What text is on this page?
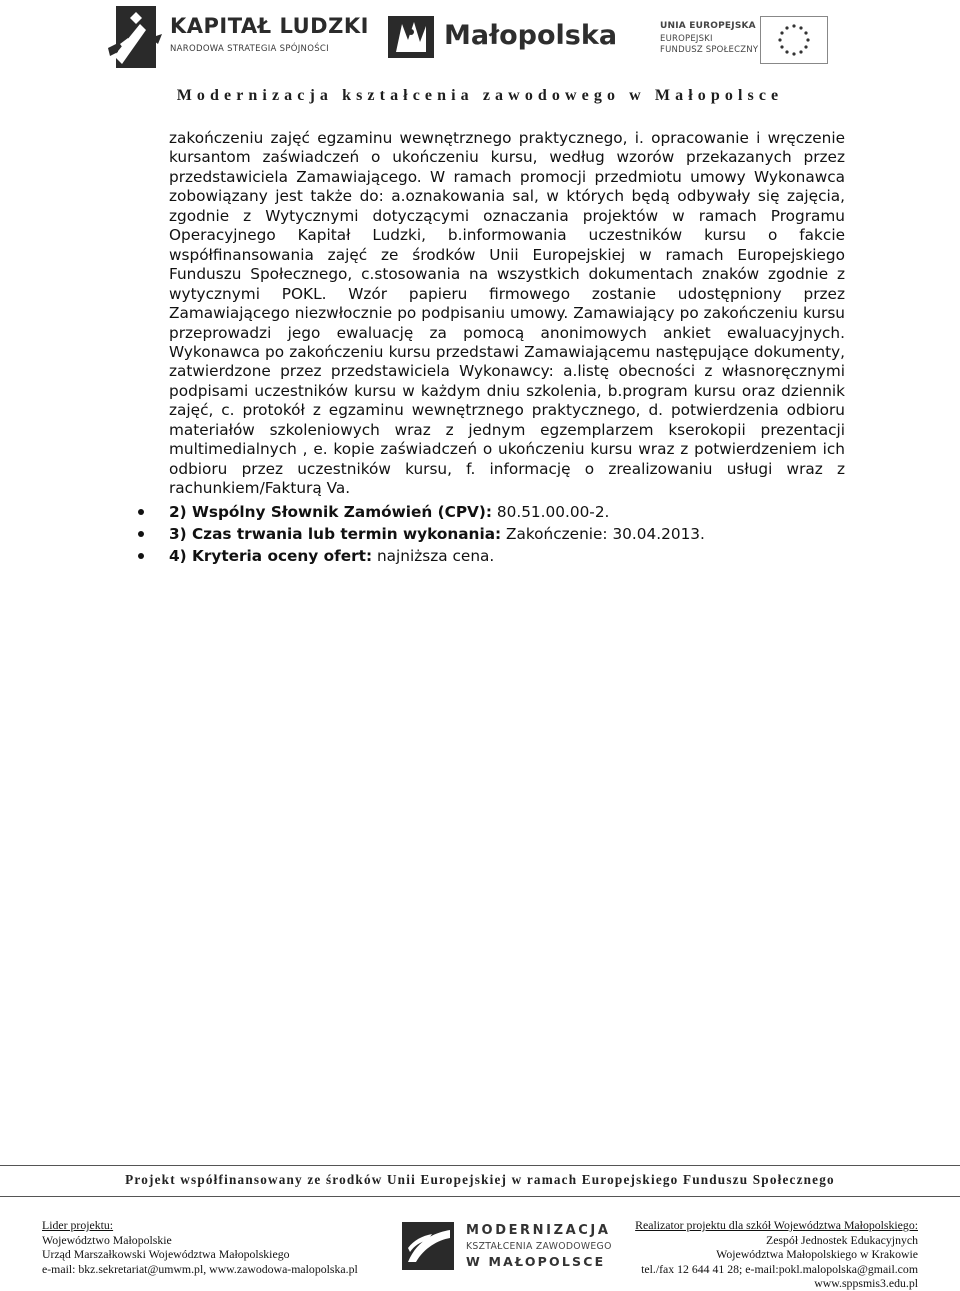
KAPITAŁ LUDZKI
NARODOWA STRATEGIA SPÓJNOŚCI	Małopolska	UNIA EUROPEJSKA
EUROPEJSKI
FUNDUSZ SPOŁECZNY
Modernizacja kształcenia zawodowego w Małopolsce

zakończeniu zajęć egzaminu wewnętrznego praktycznego, i. opracowanie i wręczenie kursantom zaświadczeń o ukończeniu kursu, według wzorów przekazanych przez przedstawiciela Zamawiającego. W ramach promocji przedmiotu umowy Wykonawca zobowiązany jest także do: a.oznakowania sal, w których będą odbywały się zajęcia, zgodnie z Wytycznymi dotyczącymi oznaczania projektów w ramach Programu Operacyjnego Kapitał Ludzki, b.informowania uczestników kursu o fakcie współfinansowania zajęć ze środków Unii Europejskiej w ramach Europejskiego Funduszu Społecznego, c.stosowania na wszystkich dokumentach znaków zgodnie z wytycznymi POKL. Wzór papieru firmowego zostanie udostępniony przez Zamawiającego niezwłocznie po podpisaniu umowy. Zamawiający po zakończeniu kursu przeprowadzi jego ewaluację za pomocą anonimowych ankiet ewaluacyjnych. Wykonawca po zakończeniu kursu przedstawi Zamawiającemu następujące dokumenty, zatwierdzone przez przedstawiciela Wykonawcy: a.listę obecności z własnoręcznymi podpisami uczestników kursu w każdym dniu szkolenia, b.program kursu oraz dziennik zajęć, c. protokół z egzaminu wewnętrznego praktycznego, d. potwierdzenia odbioru materiałów szkoleniowych wraz z jednym egzemplarzem kserokopii prezentacji multimedialnych , e. kopie zaświadczeń o ukończeniu kursu wraz z potwierdzeniem ich odbioru przez uczestników kursu, f. informację o zrealizowaniu usługi wraz z rachunkiem/Fakturą Va.

2) Wspólny Słownik Zamówień (CPV): 80.51.00.00-2.
3) Czas trwania lub termin wykonania: Zakończenie: 30.04.2013.
4) Kryteria oceny ofert: najniższa cena.
Projekt współfinansowany ze środków Unii Europejskiej w ramach Europejskiego Funduszu Społecznego
Lider projektu:
Województwo Małopolskie
Urząd Marszałkowski Województwa Małopolskiego
e-mail: bkz.sekretariat@umwm.pl, www.zawodowa-malopolska.pl
MODERNIZACJA
KSZTAŁCENIA ZAWODOWEGO
W MAŁOPOLSCE
Realizator projektu dla szkół Województwa Małopolskiego:
Zespół Jednostek Edukacyjnych
Województwa Małopolskiego w Krakowie
tel./fax 12 644 41 28; e-mail:pokl.malopolska@gmail.com
www.sppsmis3.edu.pl
